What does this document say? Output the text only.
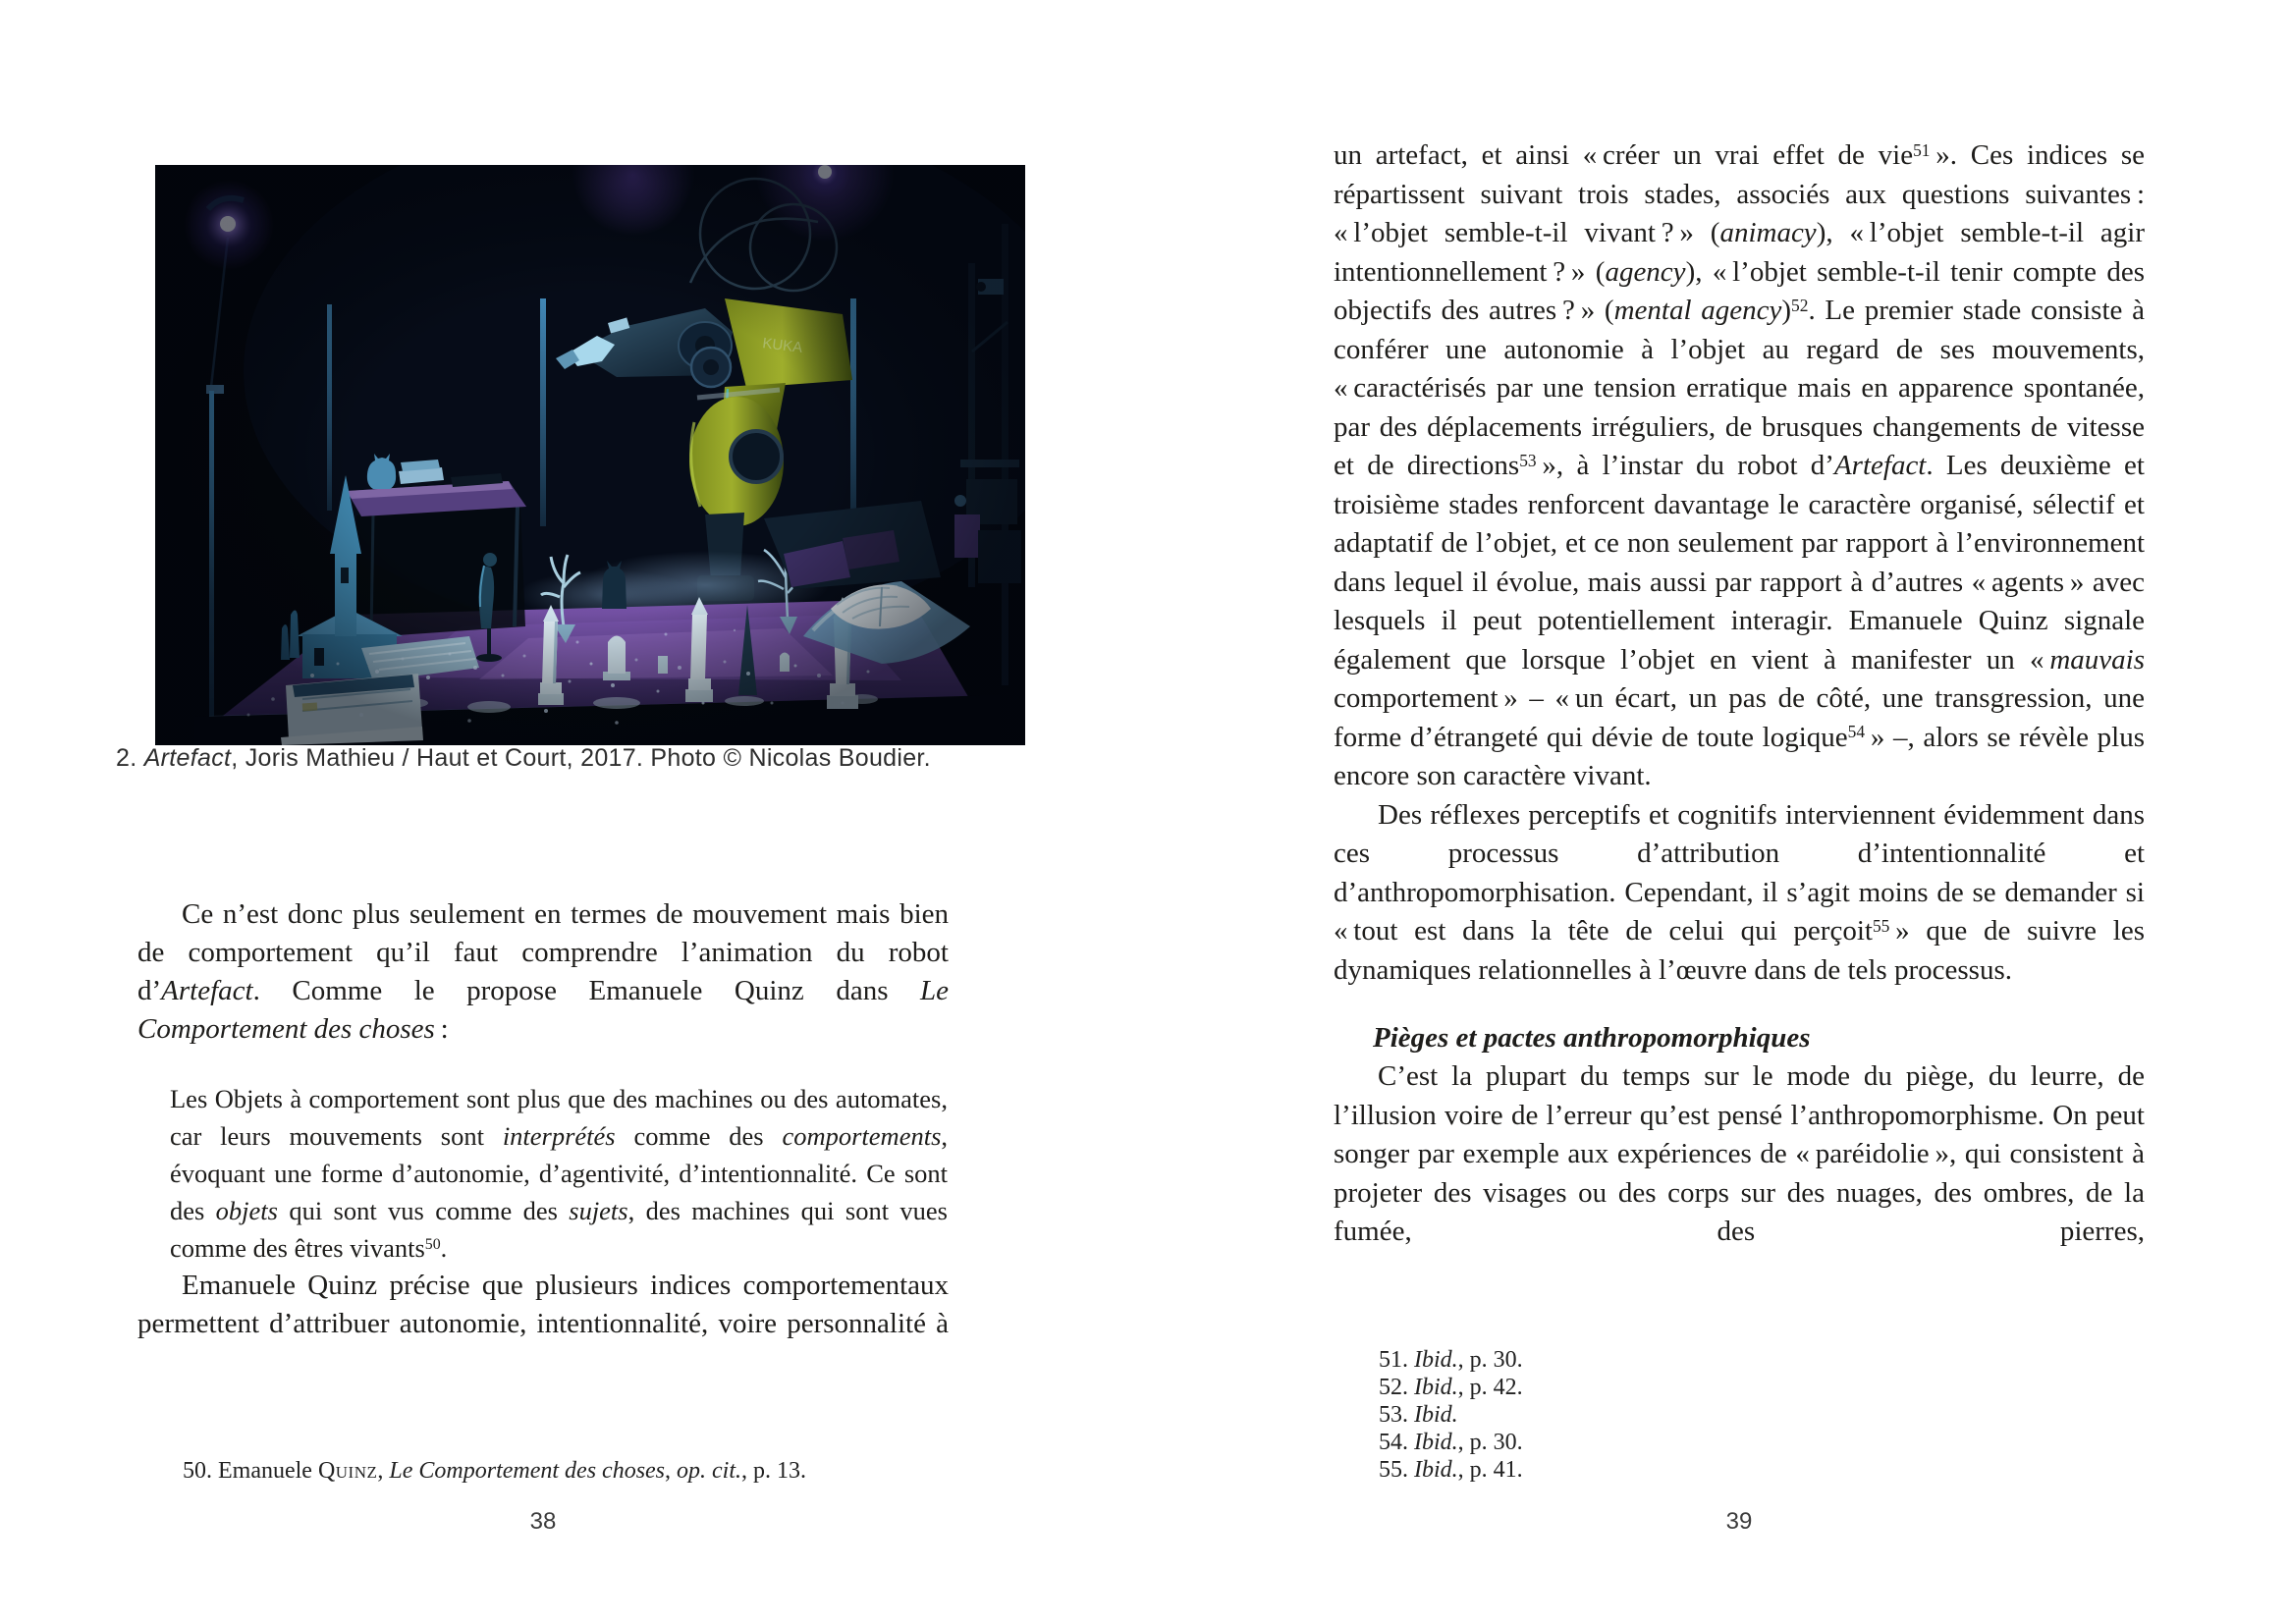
2. Artefact, Joris Mathieu / Haut et Court, 2017. Photo © Nicolas Boudier.

Ce n’est donc plus seulement en termes de mouvement mais bien de comportement qu’il faut comprendre l’animation du robot d’Artefact. Comme le propose Emanuele Quinz dans Le Comportement des choses :

Les Objets à comportement sont plus que des machines ou des automates, car leurs mouvements sont interprétés comme des comportements, évoquant une forme d’autonomie, d’agentivité, d’intentionnalité. Ce sont des objets qui sont vus comme des sujets, des machines qui sont vues comme des êtres vivants$^{50}$.

Emanuele Quinz précise que plusieurs indices comportementaux permettent d’attribuer autonomie, intentionnalité, voire personnalité à

50. Emanuele Quinz, Le Comportement des choses, op. cit., p. 13.

38

un artefact, et ainsi « créer un vrai effet de vie$^{51}$ ». Ces indices se répartissent suivant trois stades, associés aux questions suivantes : « l’objet semble-t-il vivant ? » (animacy), « l’objet semble-t-il agir intentionnellement ? » (agency), « l’objet semble-t-il tenir compte des objectifs des autres ? » (mental agency)$^{52}$. Le premier stade consiste à conférer une autonomie à l’objet au regard de ses mouvements, « caractérisés par une tension erratique mais en apparence spontanée, par des déplacements irréguliers, de brusques changements de vitesse et de directions$^{53}$ », à l’instar du robot d’Artefact. Les deuxième et troisième stades renforcent davantage le caractère organisé, sélectif et adaptatif de l’objet, et ce non seulement par rapport à l’environnement dans lequel il évolue, mais aussi par rapport à d’autres « agents » avec lesquels il peut potentiellement interagir. Emanuele Quinz signale également que lorsque l’objet en vient à manifester un « mauvais comportement » – « un écart, un pas de côté, une transgression, une forme d’étrangeté qui dévie de toute logique$^{54}$ » –, alors se révèle plus encore son caractère vivant.

Des réflexes perceptifs et cognitifs interviennent évidemment dans ces processus d’attribution d’intentionnalité et d’anthropomorphisation. Cependant, il s’agit moins de se demander si « tout est dans la tête de celui qui perçoit$^{55}$ » que de suivre les dynamiques relationnelles à l’œuvre dans de tels processus.

Pièges et pactes anthropomorphiques

C’est la plupart du temps sur le mode du piège, du leurre, de l’illusion voire de l’erreur qu’est pensé l’anthropomorphisme. On peut songer par exemple aux expériences de « paréidolie », qui consistent à projeter des visages ou des corps sur des nuages, des ombres, de la fumée, des pierres,

51. Ibid., p. 30.

52. Ibid., p. 42.

53. Ibid.

54. Ibid., p. 30.

55. Ibid., p. 41.

39
